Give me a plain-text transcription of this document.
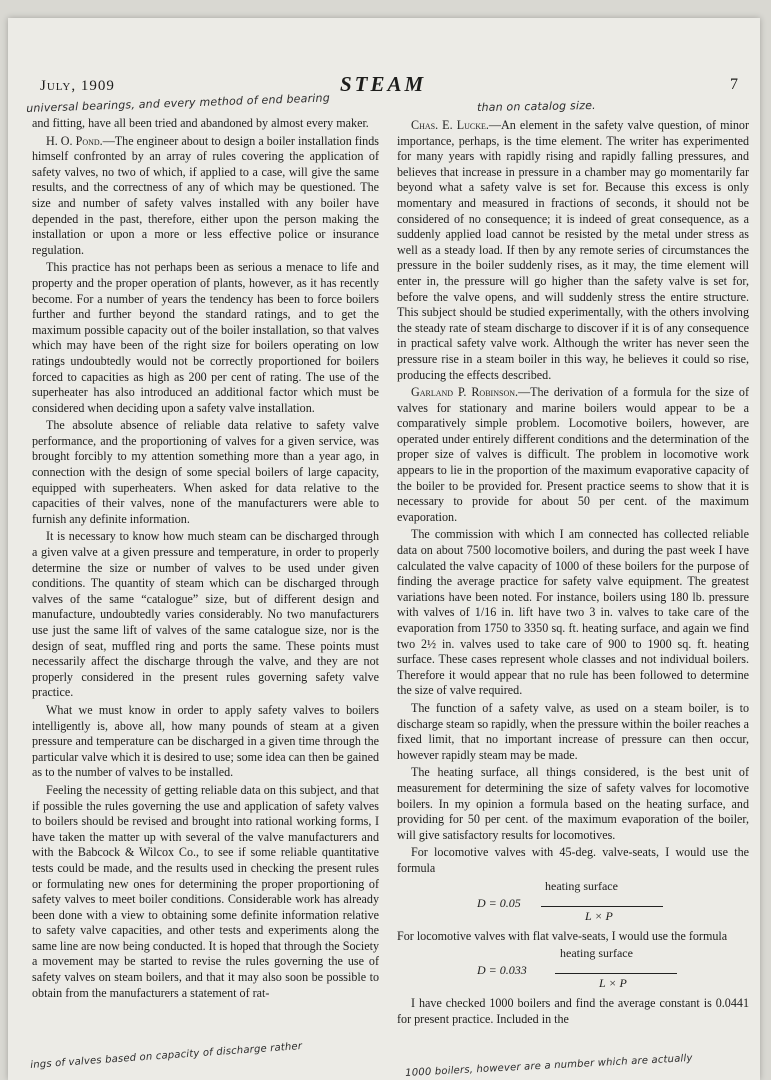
July, 1909	STEAM	7
universal bearings, and every method of end bearing	than on catalog size.

and fitting, have all been tried and abandoned by almost every maker.

H. O. Pond.—The engineer about to design a boiler installation finds himself confronted by an array of rules covering the application of safety valves, no two of which, if applied to a case, will give the same results, and the correctness of any of which may be questioned. The size and number of safety valves installed with any boiler have depended in the past, therefore, either upon the person making the installation or upon a more or less effective police or insurance regulation.

This practice has not perhaps been as serious a menace to life and property and the proper operation of plants, however, as it has recently become. For a number of years the tendency has been to force boilers further and further beyond the standard ratings, and to get the maximum possible capacity out of the boiler installation, so that valves which may have been of the right size for boilers operating on low ratings undoubtedly would not be correctly proportioned for boilers forced to capacities as high as 200 per cent of rating. The use of the superheater has also introduced an additional factor which must be considered when deciding upon a safety valve installation.

The absolute absence of reliable data relative to safety valve performance, and the proportioning of valves for a given service, was brought forcibly to my attention something more than a year ago, in connection with the design of some special boilers of large capacity, equipped with superheaters. When asked for data relative to the capacities of their valves, none of the manufacturers were able to furnish any definite information.

It is necessary to know how much steam can be discharged through a given valve at a given pressure and temperature, in order to properly determine the size or number of valves to be used under given conditions. The quantity of steam which can be discharged through valves of the same “catalogue” size, but of different design and manufacture, undoubtedly varies considerably. No two manufacturers use just the same lift of valves of the same catalogue size, nor is the design of seat, muffled ring and ports the same. These points must necessarily affect the discharge through the valve, and they are not properly considered in the present rules governing safety valve practice.

What we must know in order to apply safety valves to boilers intelligently is, above all, how many pounds of steam at a given pressure and temperature can be discharged in a given time through the particular valve which it is desired to use; some idea can then be gained as to the number of valves to be installed.

Feeling the necessity of getting reliable data on this subject, and that if possible the rules governing the use and application of safety valves to boilers should be revised and brought into rational working forms, I have taken the matter up with several of the valve manufacturers and with the Babcock & Wilcox Co., to see if some reliable quantitative tests could be made, and the results used in checking the present rules or formulating new ones for determining the proper proportioning of safety valves to meet boiler conditions. Considerable work has already been done with a view to obtaining some definite information relative to safety valve capacities, and other tests and experiments along the same line are now being conducted. It is hoped that through the Society a movement may be started to revise the rules governing the use of safety valves on steam boilers, and that it may also soon be possible to obtain from the manufacturers a statement of rat-

Chas. E. Lucke.—An element in the safety valve question, of minor importance, perhaps, is the time element. The writer has experimented for many years with rapidly rising and rapidly falling pressures, and believes that increase in pressure in a chamber may go momentarily far beyond what a safety valve is set for. Because this excess is only momentary and measured in fractions of seconds, it should not be considered of no consequence; it is indeed of great consequence, as a suddenly applied load cannot be resisted by the metal under stress as well as a steady load. If then by any remote series of circumstances the pressure in the boiler suddenly rises, as it may, the time element will enter in, the pressure will go higher than the safety valve is set for, before the valve opens, and will suddenly stress the entire structure. This subject should be studied experimentally, with the others involving the steady rate of steam discharge to discover if it is of any consequence in practical safety valve work. Although the writer has never seen the pressure rise in a steam boiler in this way, he believes it could so rise, producing the effects described.

Garland P. Robinson.—The derivation of a formula for the size of valves for stationary and marine boilers would appear to be a comparatively simple problem. Locomotive boilers, however, are operated under entirely different conditions and the determination of the proper size of valves is difficult. The problem in locomotive work appears to lie in the proportion of the maximum evaporative capacity of the boiler to be provided for. Present practice seems to show that it is necessary to provide for about 50 per cent. of the maximum evaporation.

The commission with which I am connected has collected reliable data on about 7500 locomotive boilers, and during the past week I have calculated the valve capacity of 1000 of these boilers for the purpose of finding the average practice for safety valve equipment. The greatest variations have been noted. For instance, boilers using 180 lb. pressure with valves of 1/16 in. lift have two 3 in. valves to take care of the evaporation from 1750 to 3350 sq. ft. heating surface, and again we find two 2½ in. valves used to take care of 900 to 1900 sq. ft. heating surface. These cases represent whole classes and not individual boilers. Therefore it would appear that no rule has been followed to determine the size of valve required.

The function of a safety valve, as used on a steam boiler, is to discharge steam so rapidly, when the pressure within the boiler reaches a fixed limit, that no important increase of pressure can then occur, however rapidly steam may be made.

The heating surface, all things considered, is the best unit of measurement for determining the size of safety valves for locomotive boilers. In my opinion a formula based on the heating surface, and providing for 50 per cent. of the maximum evaporation of the boiler, will give satisfactory results for locomotives.

For locomotive valves with 45-deg. valve-seats, I would use the formula

heating surface
D = 0.05
L × P

For locomotive valves with flat valve-seats, I would use the formula

heating surface
D = 0.033
L × P

I have checked 1000 boilers and find the average constant is 0.0441 for present practice. Included in the

ings of valves based on capacity of discharge rather	1000 boilers, however are a number which are actually
